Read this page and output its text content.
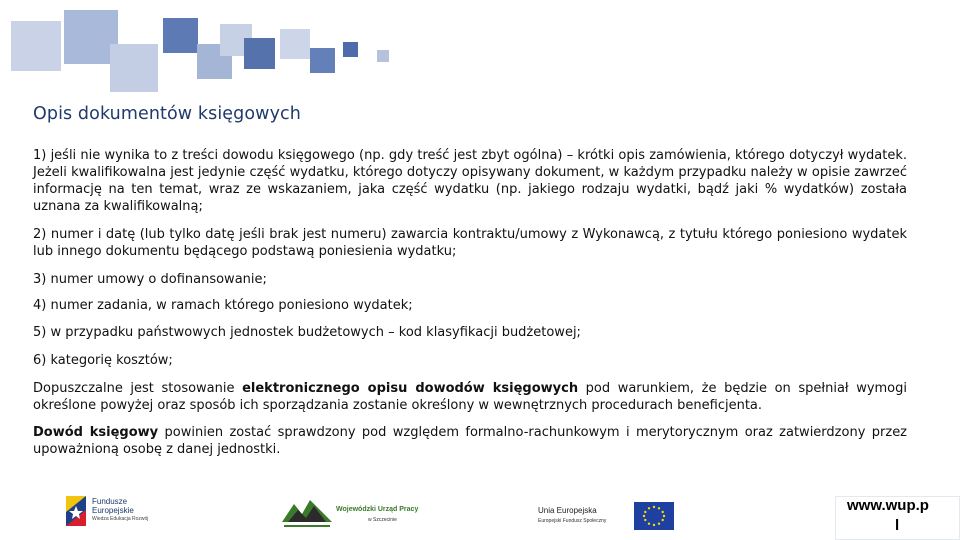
Opis dokumentów księgowych

1) jeśli nie wynika to z treści dowodu księgowego (np. gdy treść jest zbyt ogólna) – krótki opis zamówienia, którego dotyczył wydatek. Jeżeli kwalifikowalna jest jedynie część wydatku, którego dotyczy opisywany dokument, w każdym przypadku należy w opisie zawrzeć informację na ten temat, wraz ze wskazaniem, jaka część wydatku (np. jakiego rodzaju wydatki, bądź jaki % wydatków) została uznana za kwalifikowalną;

2) numer i datę (lub tylko datę jeśli brak jest numeru) zawarcia kontraktu/umowy z Wykonawcą, z tytułu którego poniesiono wydatek lub innego dokumentu będącego podstawą poniesienia wydatku;

3) numer umowy o dofinansowanie;

4) numer zadania, w ramach którego poniesiono wydatek;

5) w przypadku państwowych jednostek budżetowych – kod klasyfikacji budżetowej;

6) kategorię kosztów;

Dopuszczalne jest stosowanie elektronicznego opisu dowodów księgowych pod warunkiem, że będzie on spełniał wymogi określone powyżej oraz sposób ich sporządzania zostanie określony w wewnętrznych procedurach beneficjenta.

Dowód księgowy powinien zostać sprawdzony pod względem formalno-rachunkowym i merytorycznym oraz zatwierdzony przez upoważnioną osobę z danej jednostki.

Fundusze
Europejskie
Wiedza Edukacja Rozwój
Wojewódzki Urząd Pracy
w Szczecinie
Unia Europejska
Europejski Fundusz Społeczny
www.wup.p
l
